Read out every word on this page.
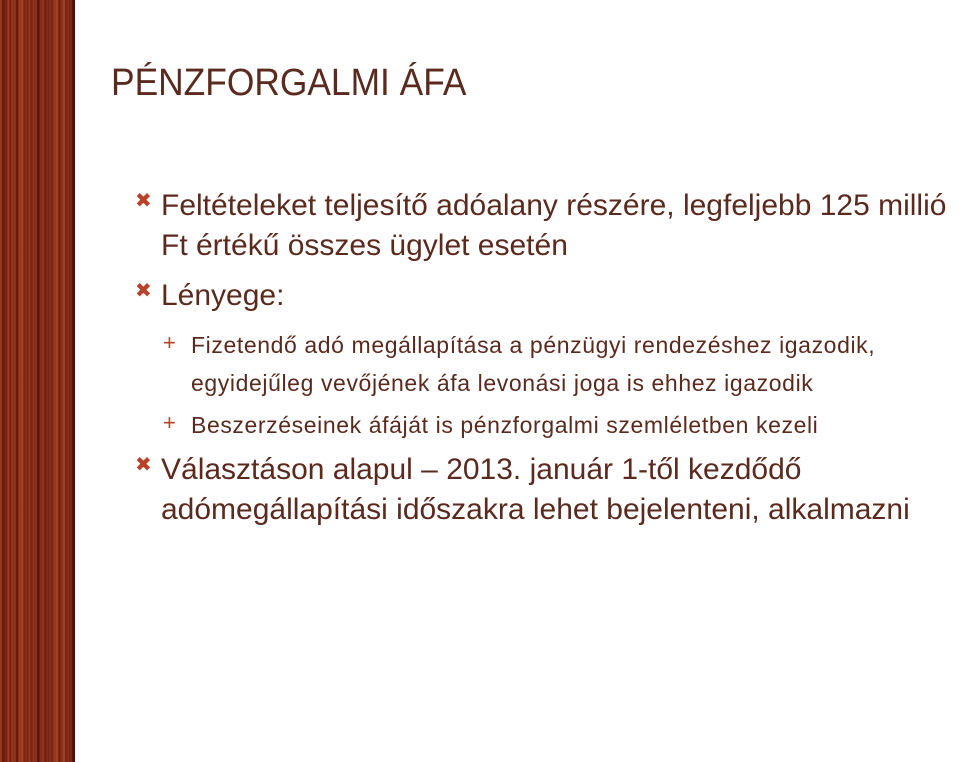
PÉNZFORGALMI ÁFA
✖ Feltételeket teljesítő adóalany részére, legfeljebb 125 millió Ft értékű összes ügylet esetén
✖ Lényege:
+ Fizetendő adó megállapítása a pénzügyi rendezéshez igazodik, egyidejűleg vevőjének áfa levonási joga is ehhez igazodik
+ Beszerzéseinek áfáját is pénzforgalmi szemléletben kezeli
✖ Választáson alapul – 2013. január 1-től kezdődő adómegállapítási időszakra lehet bejelenteni, alkalmazni
